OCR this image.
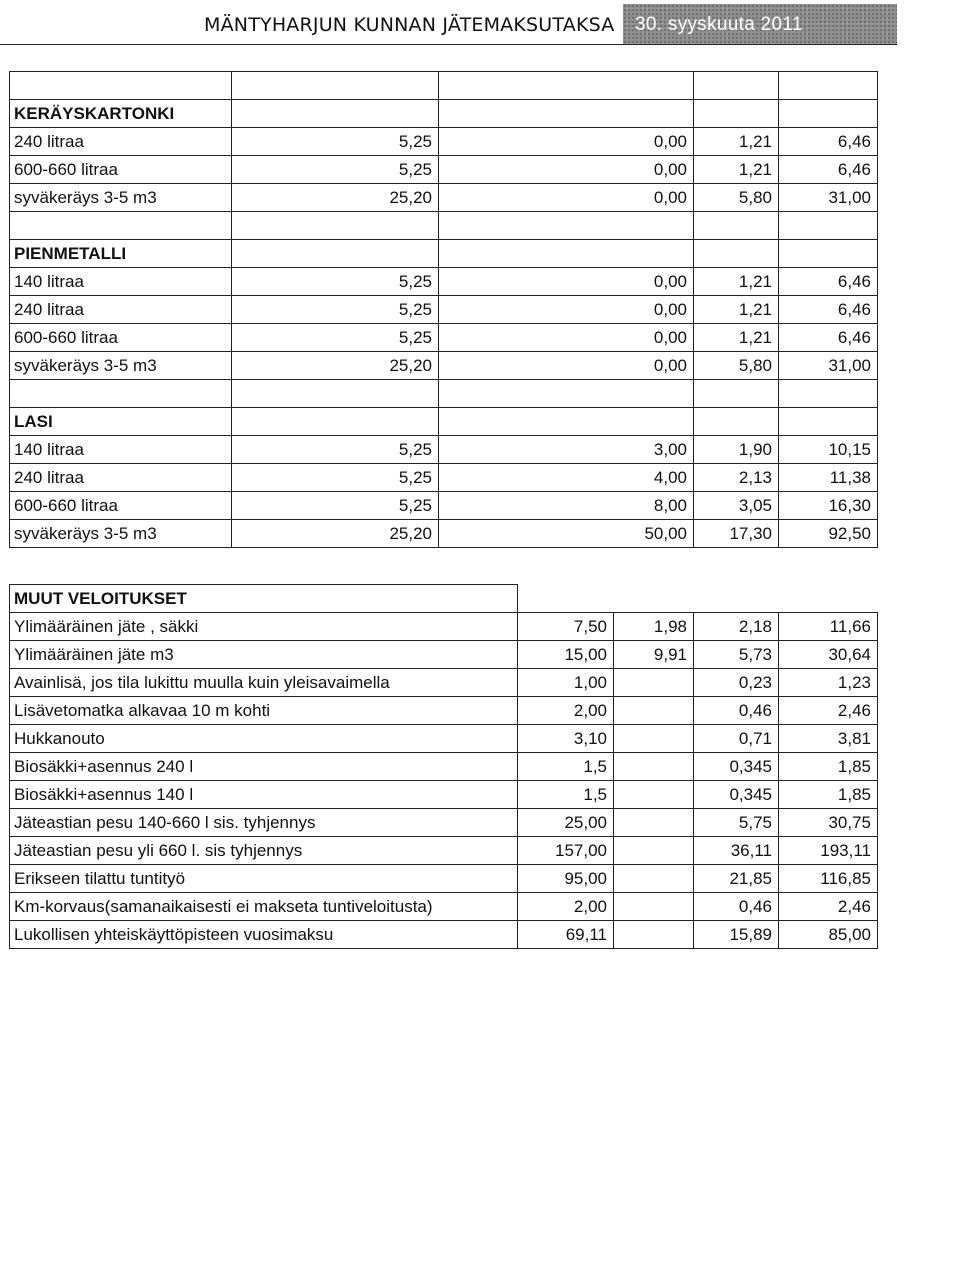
MÄNTYHARJUN KUNNAN JÄTEMAKSUTAKSA 30. syyskuuta 2011

KERÄYSKARTONKI				
240 litraa	5,25	0,00	1,21	6,46
600-660 litraa	5,25	0,00	1,21	6,46
syväkeräys 3-5 m3	25,20	0,00	5,80	31,00

PIENMETALLI				
140 litraa	5,25	0,00	1,21	6,46
240 litraa	5,25	0,00	1,21	6,46
600-660 litraa	5,25	0,00	1,21	6,46
syväkeräys 3-5 m3	25,20	0,00	5,80	31,00

LASI				
140 litraa	5,25	3,00	1,90	10,15
240 litraa	5,25	4,00	2,13	11,38
600-660 litraa	5,25	8,00	3,05	16,30
syväkeräys 3-5 m3	25,20	50,00	17,30	92,50
MUUT VELOITUKSET				
Ylimääräinen jäte , säkki	7,50	1,98	2,18	11,66
Ylimääräinen jäte m3	15,00	9,91	5,73	30,64
Avainlisä, jos tila lukittu muulla kuin yleisavaimella	1,00		0,23	1,23
Lisävetomatka alkavaa 10 m kohti	2,00		0,46	2,46
Hukkanouto	3,10		0,71	3,81
Biosäkki+asennus 240 l	1,5		0,345	1,85
Biosäkki+asennus 140 l	1,5		0,345	1,85
Jäteastian pesu 140-660 l sis. tyhjennys	25,00		5,75	30,75
Jäteastian pesu yli 660 l. sis tyhjennys	157,00		36,11	193,11
Erikseen tilattu tuntityö	95,00		21,85	116,85
Km-korvaus(samanaikaisesti ei makseta tuntiveloitusta)	2,00		0,46	2,46
Lukollisen yhteiskäyttöpisteen vuosimaksu	69,11		15,89	85,00
